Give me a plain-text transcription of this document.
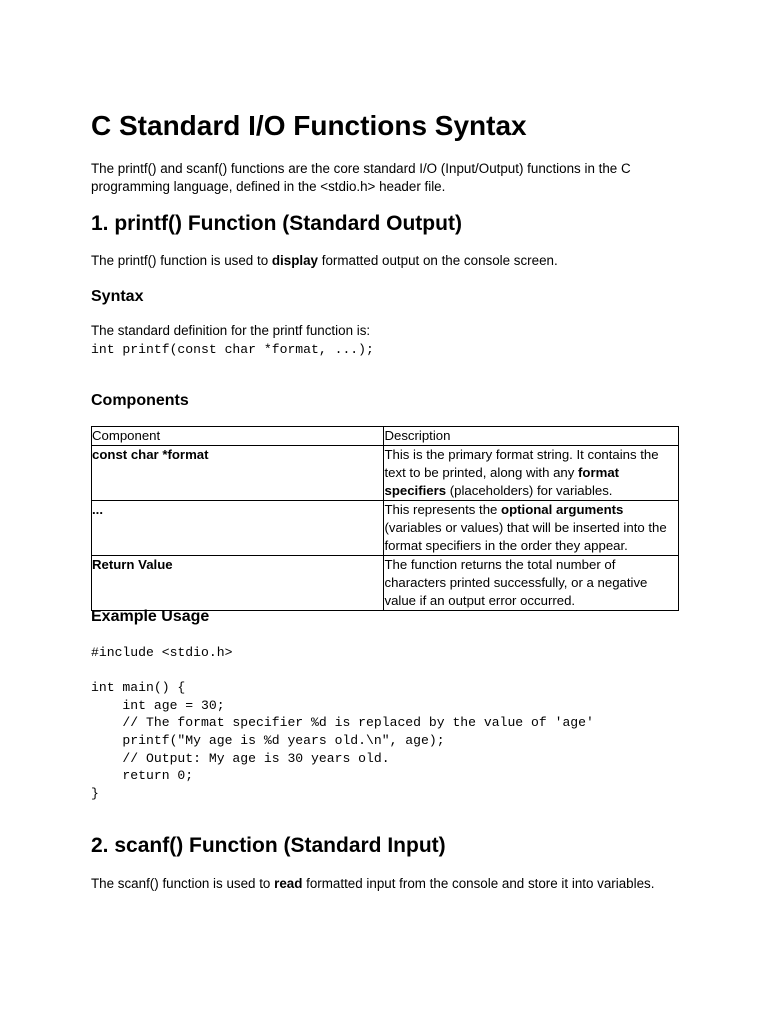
C Standard I/O Functions Syntax

The printf() and scanf() functions are the core standard I/O (Input/Output) functions in the C programming language, defined in the <stdio.h> header file.

1. printf() Function (Standard Output)

The printf() function is used to display formatted output on the console screen.

Syntax

The standard definition for the printf function is:

int printf(const char *format, ...);
Components
Component	Description
const char *format	This is the primary format string. It contains the text to be printed, along with any format specifiers (placeholders) for variables.
...	This represents the optional arguments (variables or values) that will be inserted into the format specifiers in the order they appear.
Return Value	The function returns the total number of characters printed successfully, or a negative value if an output error occurred.
Example Usage
#include <stdio.h>

int main() {
int age = 30;
// The format specifier %d is replaced by the value of 'age'
printf("My age is %d years old.\n", age);
// Output: My age is 30 years old.
return 0;
}
2. scanf() Function (Standard Input)

The scanf() function is used to read formatted input from the console and store it into variables.
